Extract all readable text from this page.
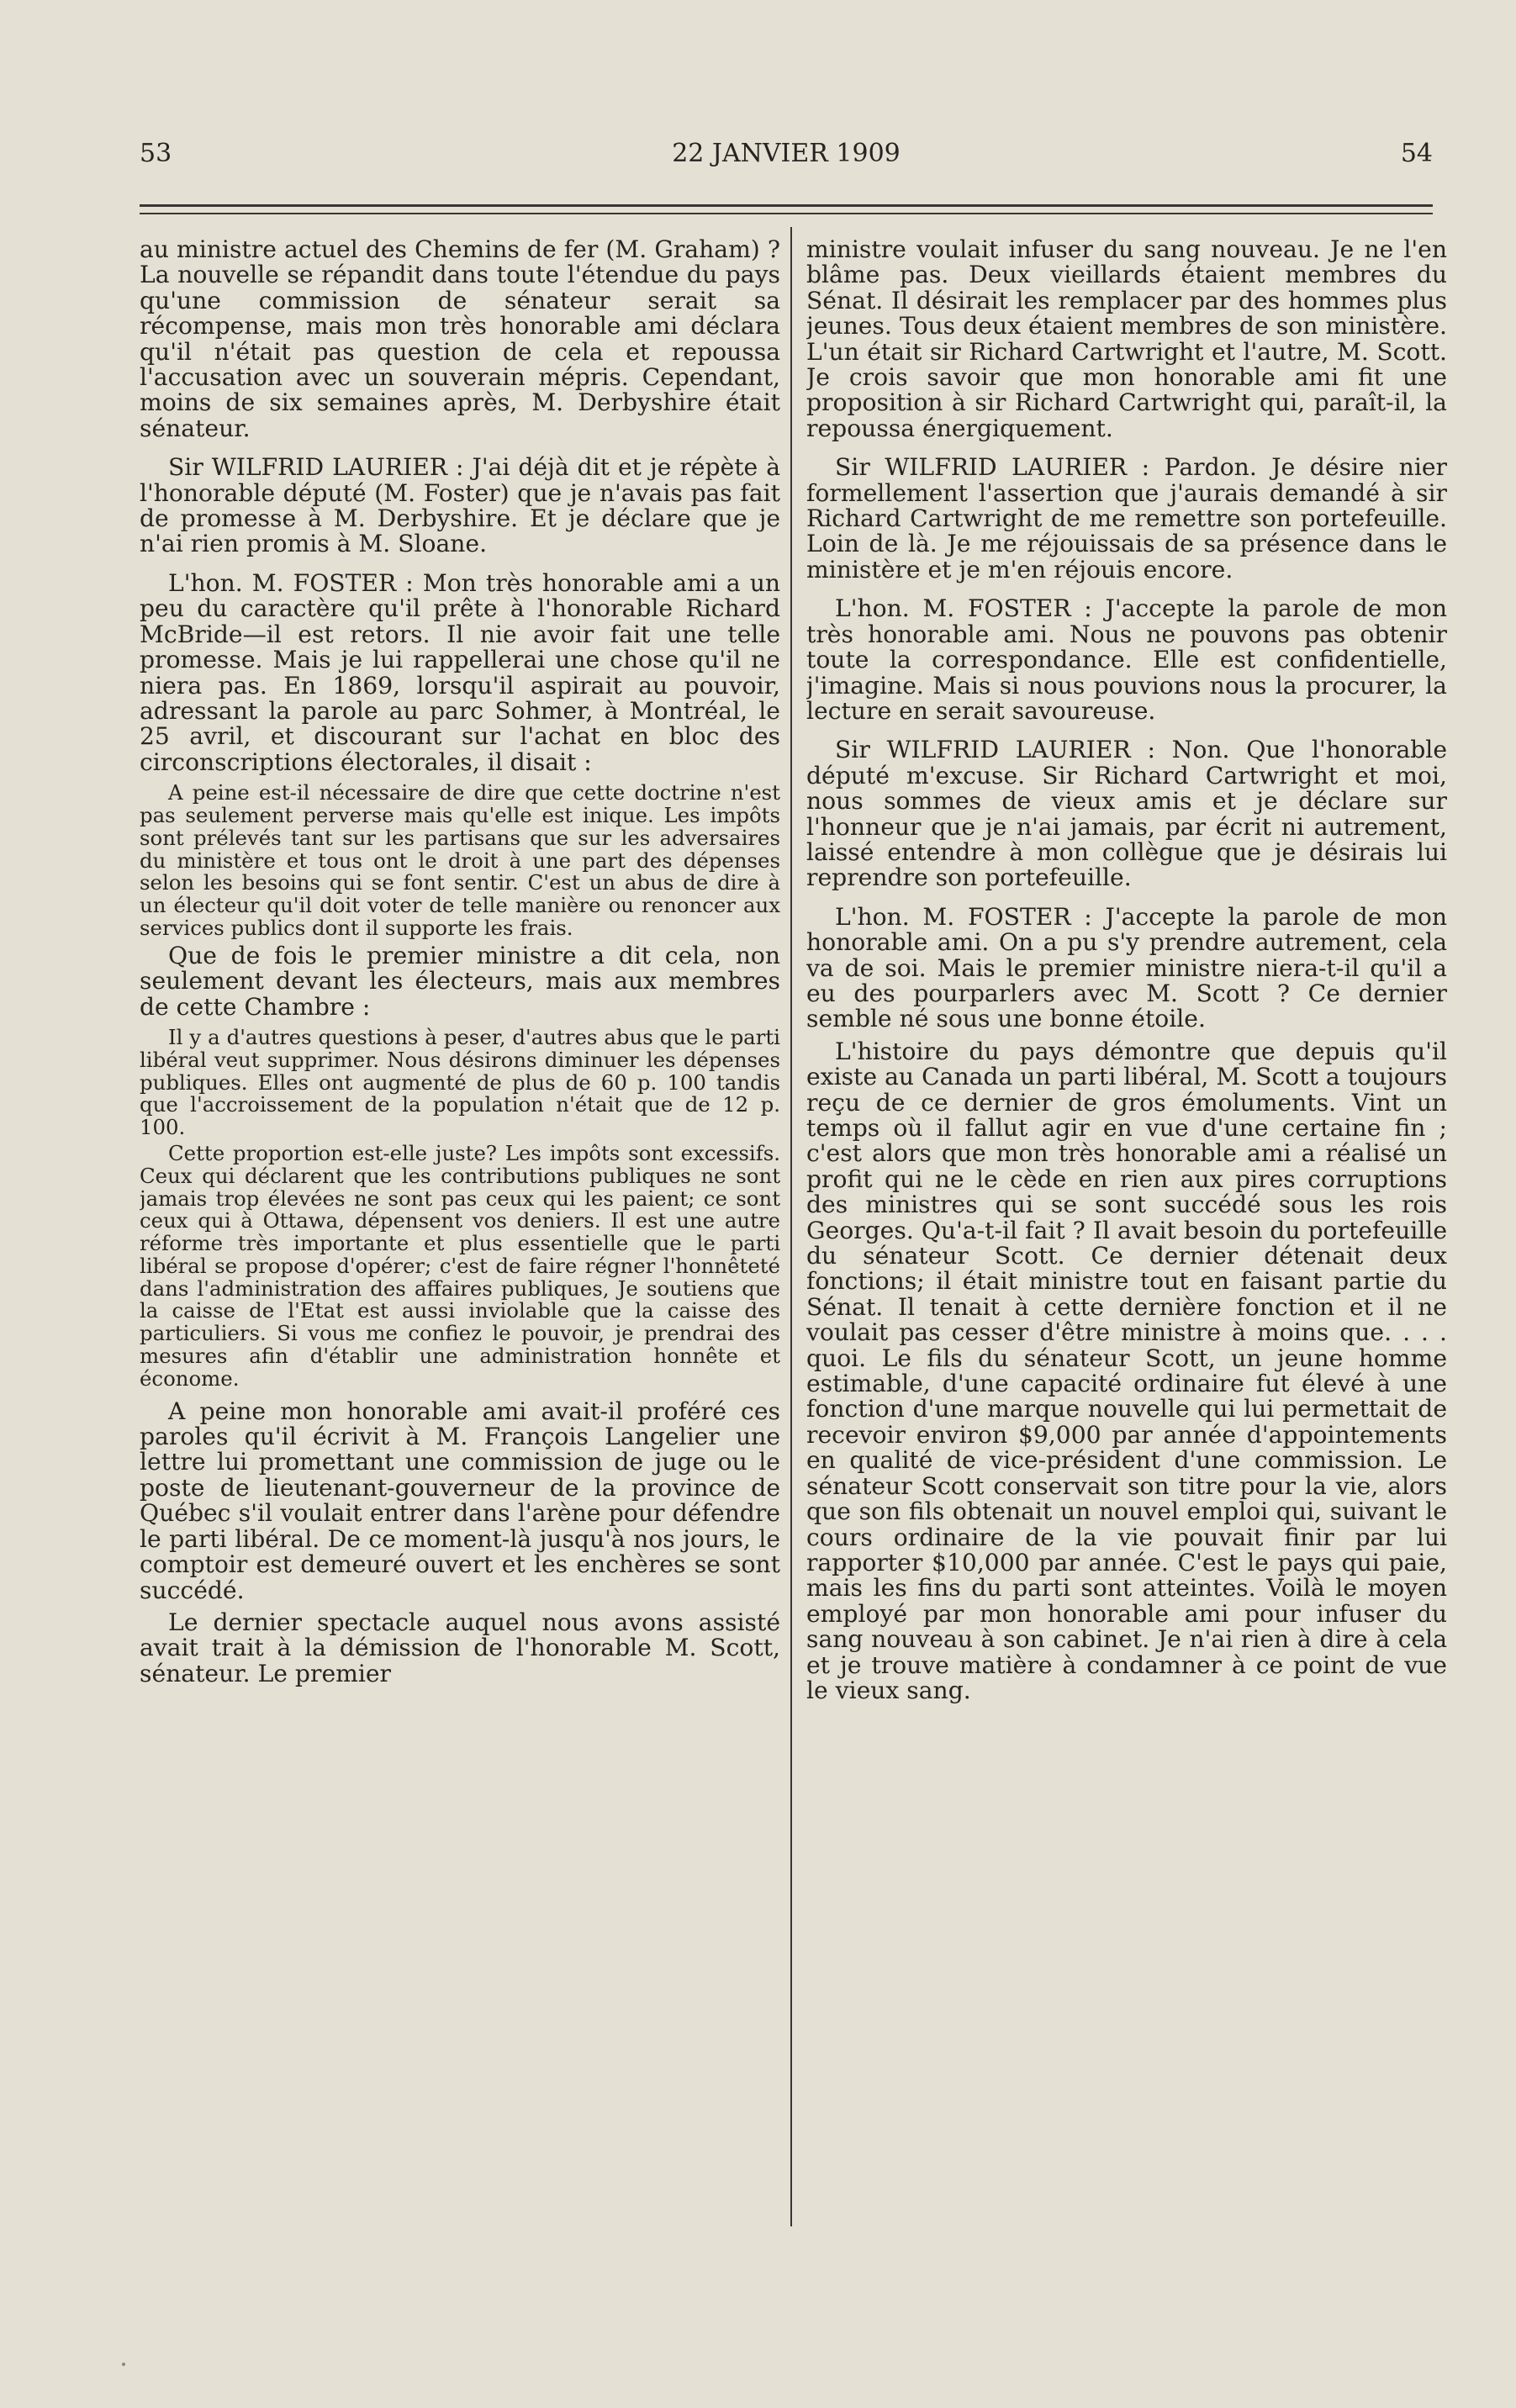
53	22 JANVIER 1909	54

au ministre actuel des Chemins de fer (M. Graham) ? La nouvelle se répandit dans toute l'étendue du pays qu'une commission de sénateur serait sa récompense, mais mon très honorable ami déclara qu'il n'était pas question de cela et repoussa l'accusation avec un souverain mépris. Cependant, moins de six semaines après, M. Derbyshire était sénateur.

Sir WILFRID LAURIER : J'ai déjà dit et je répète à l'honorable député (M. Foster) que je n'avais pas fait de promesse à M. Derbyshire. Et je déclare que je n'ai rien promis à M. Sloane.

L'hon. M. FOSTER : Mon très honorable ami a un peu du caractère qu'il prête à l'honorable Richard McBride—il est retors. Il nie avoir fait une telle promesse. Mais je lui rappellerai une chose qu'il ne niera pas. En 1869, lorsqu'il aspirait au pouvoir, adressant la parole au parc Sohmer, à Montréal, le 25 avril, et discourant sur l'achat en bloc des circonscriptions électorales, il disait :

A peine est-il nécessaire de dire que cette doctrine n'est pas seulement perverse mais qu'elle est inique. Les impôts sont prélevés tant sur les partisans que sur les adversaires du ministère et tous ont le droit à une part des dépenses selon les besoins qui se font sentir. C'est un abus de dire à un électeur qu'il doit voter de telle manière ou renoncer aux services publics dont il supporte les frais.

Que de fois le premier ministre a dit cela, non seulement devant les électeurs, mais aux membres de cette Chambre :

Il y a d'autres questions à peser, d'autres abus que le parti libéral veut supprimer. Nous désirons diminuer les dépenses publiques. Elles ont augmenté de plus de 60 p. 100 tandis que l'accroissement de la population n'était que de 12 p. 100.

Cette proportion est-elle juste? Les impôts sont excessifs. Ceux qui déclarent que les contributions publiques ne sont jamais trop élevées ne sont pas ceux qui les paient; ce sont ceux qui à Ottawa, dépensent vos deniers. Il est une autre réforme très importante et plus essentielle que le parti libéral se propose d'opérer; c'est de faire régner l'honnêteté dans l'administration des affaires publiques, Je soutiens que la caisse de l'Etat est aussi inviolable que la caisse des particuliers. Si vous me confiez le pouvoir, je prendrai des mesures afin d'établir une administration honnête et économe.

A peine mon honorable ami avait-il proféré ces paroles qu'il écrivit à M. François Langelier une lettre lui promettant une commission de juge ou le poste de lieutenant-gouverneur de la province de Québec s'il voulait entrer dans l'arène pour défendre le parti libéral. De ce moment-là jusqu'à nos jours, le comptoir est demeuré ouvert et les enchères se sont succédé.

Le dernier spectacle auquel nous avons assisté avait trait à la démission de l'honorable M. Scott, sénateur. Le premier

ministre voulait infuser du sang nouveau. Je ne l'en blâme pas. Deux vieillards étaient membres du Sénat. Il désirait les remplacer par des hommes plus jeunes. Tous deux étaient membres de son ministère. L'un était sir Richard Cartwright et l'autre, M. Scott. Je crois savoir que mon honorable ami fit une proposition à sir Richard Cartwright qui, paraît-il, la repoussa énergiquement.

Sir WILFRID LAURIER : Pardon. Je désire nier formellement l'assertion que j'aurais demandé à sir Richard Cartwright de me remettre son portefeuille. Loin de là. Je me réjouissais de sa présence dans le ministère et je m'en réjouis encore.

L'hon. M. FOSTER : J'accepte la parole de mon très honorable ami. Nous ne pouvons pas obtenir toute la correspondance. Elle est confidentielle, j'imagine. Mais si nous pouvions nous la procurer, la lecture en serait savoureuse.

Sir WILFRID LAURIER : Non. Que l'honorable député m'excuse. Sir Richard Cartwright et moi, nous sommes de vieux amis et je déclare sur l'honneur que je n'ai jamais, par écrit ni autrement, laissé entendre à mon collègue que je désirais lui reprendre son portefeuille.

L'hon. M. FOSTER : J'accepte la parole de mon honorable ami. On a pu s'y prendre autrement, cela va de soi. Mais le premier ministre niera-t-il qu'il a eu des pourparlers avec M. Scott ? Ce dernier semble né sous une bonne étoile.

L'histoire du pays démontre que depuis qu'il existe au Canada un parti libéral, M. Scott a toujours reçu de ce dernier de gros émoluments. Vint un temps où il fallut agir en vue d'une certaine fin ; c'est alors que mon très honorable ami a réalisé un profit qui ne le cède en rien aux pires corruptions des ministres qui se sont succédé sous les rois Georges. Qu'a-t-il fait ? Il avait besoin du portefeuille du sénateur Scott. Ce dernier détenait deux fonctions; il était ministre tout en faisant partie du Sénat. Il tenait à cette dernière fonction et il ne voulait pas cesser d'être ministre à moins que. . . . quoi. Le fils du sénateur Scott, un jeune homme estimable, d'une capacité ordinaire fut élevé à une fonction d'une marque nouvelle qui lui permettait de recevoir environ $9,000 par année d'appointements en qualité de vice-président d'une commission. Le sénateur Scott conservait son titre pour la vie, alors que son fils obtenait un nouvel emploi qui, suivant le cours ordinaire de la vie pouvait finir par lui rapporter $10,000 par année. C'est le pays qui paie, mais les fins du parti sont atteintes. Voilà le moyen employé par mon honorable ami pour infuser du sang nouveau à son cabinet. Je n'ai rien à dire à cela et je trouve matière à condamner à ce point de vue le vieux sang.
